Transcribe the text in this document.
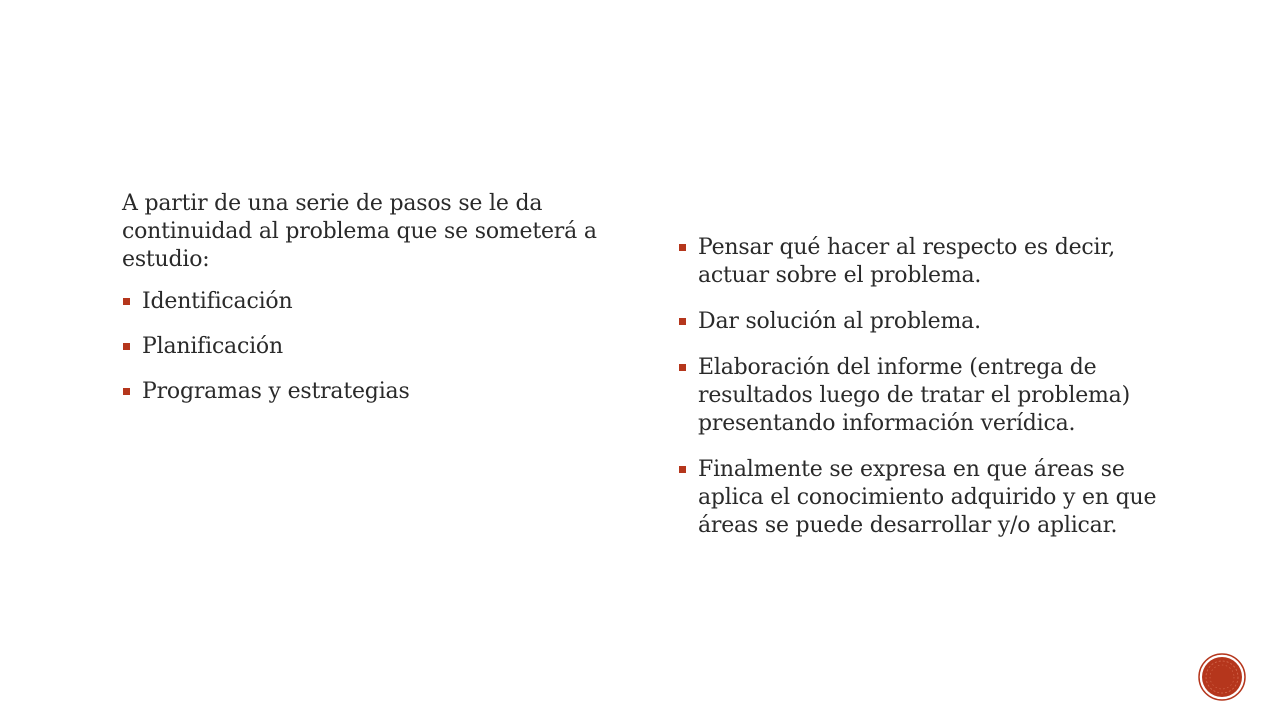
A partir de una serie de pasos se le da continuidad al problema que se someterá a estudio:

Identificación
Planificación
Programas y estrategias
Pensar qué hacer al respecto es decir, actuar sobre el problema.
Dar solución al problema.
Elaboración del informe (entrega de resultados luego de tratar el problema) presentando información verídica.
Finalmente se expresa en que áreas se aplica el conocimiento adquirido y en que áreas se puede desarrollar y/o aplicar.
